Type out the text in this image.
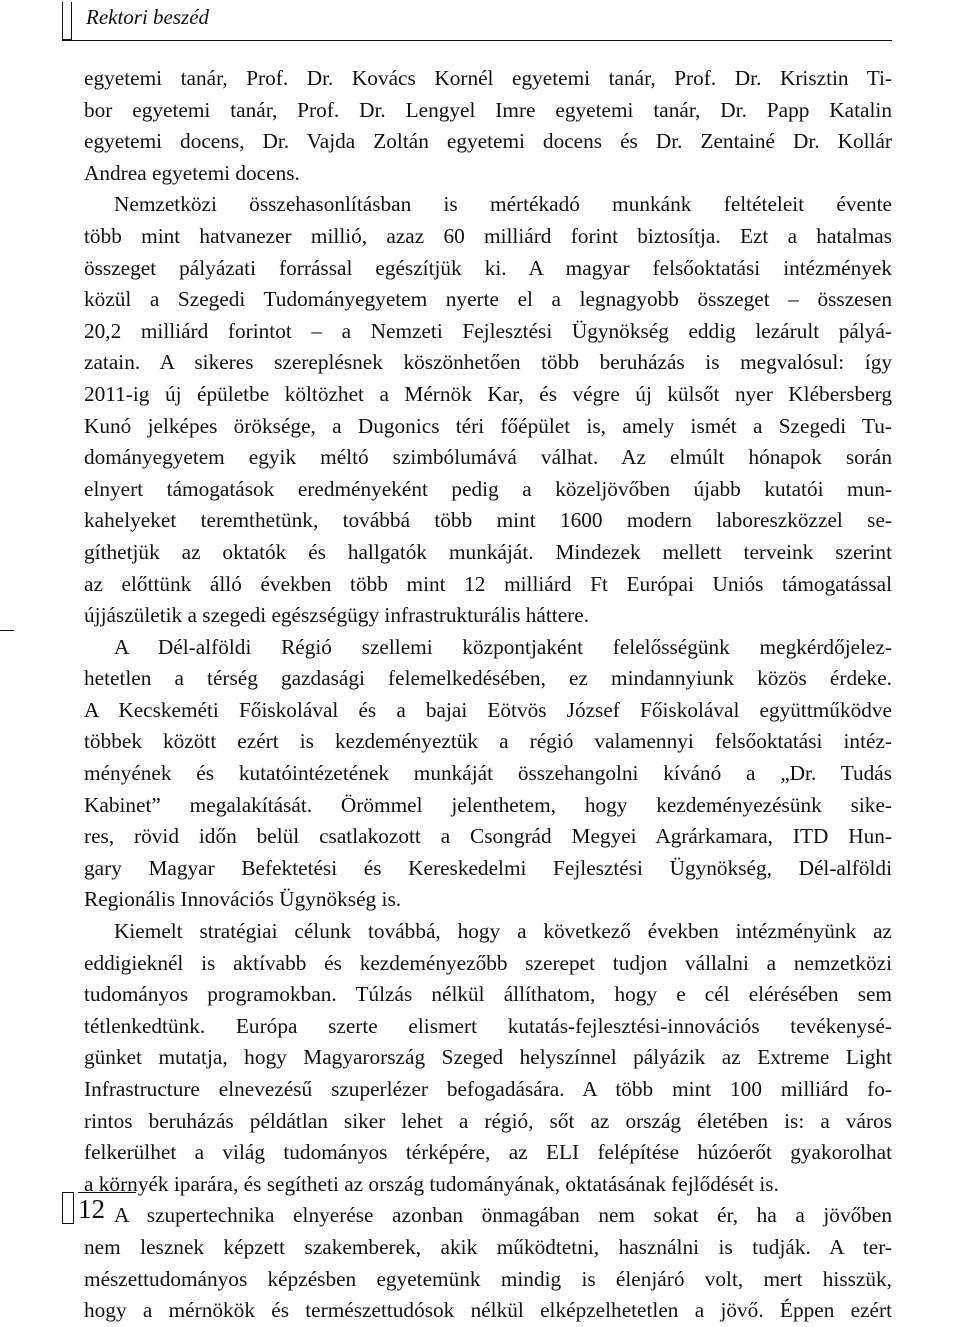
Rektori beszéd
egyetemi tanár, Prof. Dr. Kovács Kornél egyetemi tanár, Prof. Dr. Krisztin Ti-
bor egyetemi tanár, Prof. Dr. Lengyel Imre egyetemi tanár, Dr. Papp Katalin
egyetemi docens, Dr. Vajda Zoltán egyetemi docens és Dr. Zentainé Dr. Kollár
Andrea egyetemi docens.
Nemzetközi összehasonlításban is mértékadó munkánk feltételeit évente
több mint hatvanezer millió, azaz 60 milliárd forint biztosítja. Ezt a hatalmas
összeget pályázati forrással egészítjük ki. A magyar felsőoktatási intézmények
közül a Szegedi Tudományegyetem nyerte el a legnagyobb összeget – összesen
20,2 milliárd forintot – a Nemzeti Fejlesztési Ügynökség eddig lezárult pályá-
zatain. A sikeres szereplésnek köszönhetően több beruházás is megvalósul: így
2011-ig új épületbe költözhet a Mérnök Kar, és végre új külsőt nyer Klébersberg
Kunó jelképes öröksége, a Dugonics téri főépület is, amely ismét a Szegedi Tu-
dományegyetem egyik méltó szimbólumává válhat. Az elmúlt hónapok során
elnyert támogatások eredményeként pedig a közeljövőben újabb kutatói mun-
kahelyeket teremthetünk, továbbá több mint 1600 modern laboreszközzel se-
gíthetjük az oktatók és hallgatók munkáját. Mindezek mellett terveink szerint
az előttünk álló években több mint 12 milliárd Ft Európai Uniós támogatással
újjászületik a szegedi egészségügy infrastrukturális háttere.
A Dél-alföldi Régió szellemi központjaként felelősségünk megkérdőjelez-
hetetlen a térség gazdasági felemelkedésében, ez mindannyiunk közös érdeke.
A Kecskeméti Főiskolával és a bajai Eötvös József Főiskolával együttműködve
többek között ezért is kezdeményeztük a régió valamennyi felsőoktatási intéz-
ményének és kutatóintézetének munkáját összehangolni kívánó a „Dr. Tudás
Kabinet” megalakítását. Örömmel jelenthetem, hogy kezdeményezésünk sike-
res, rövid időn belül csatlakozott a Csongrád Megyei Agrárkamara, ITD Hun-
gary Magyar Befektetési és Kereskedelmi Fejlesztési Ügynökség, Dél-alföldi
Regionális Innovációs Ügynökség is.
Kiemelt stratégiai célunk továbbá, hogy a következő években intézményünk az
eddigieknél is aktívabb és kezdeményezőbb szerepet tudjon vállalni a nemzetközi
tudományos programokban. Túlzás nélkül állíthatom, hogy e cél elérésében sem
tétlenkedtünk. Európa szerte elismert kutatás-fejlesztési-innovációs tevékenysé-
günket mutatja, hogy Magyarország Szeged helyszínnel pályázik az Extreme Light
Infrastructure elnevezésű szuperlézer befogadására. A több mint 100 milliárd fo-
rintos beruházás példátlan siker lehet a régió, sőt az ország életében is: a város
felkerülhet a világ tudományos térképére, az ELI felépítése húzóerőt gyakorolhat
a környék iparára, és segítheti az ország tudományának, oktatásának fejlődését is.
A szupertechnika elnyerése azonban önmagában nem sokat ér, ha a jövőben
nem lesznek képzett szakemberek, akik működtetni, használni is tudják. A ter-
mészettudományos képzésben egyetemünk mindig is élenjáró volt, mert hisszük,
hogy a mérnökök és természettudósok nélkül elképzelhetetlen a jövő. Éppen ezért
12
